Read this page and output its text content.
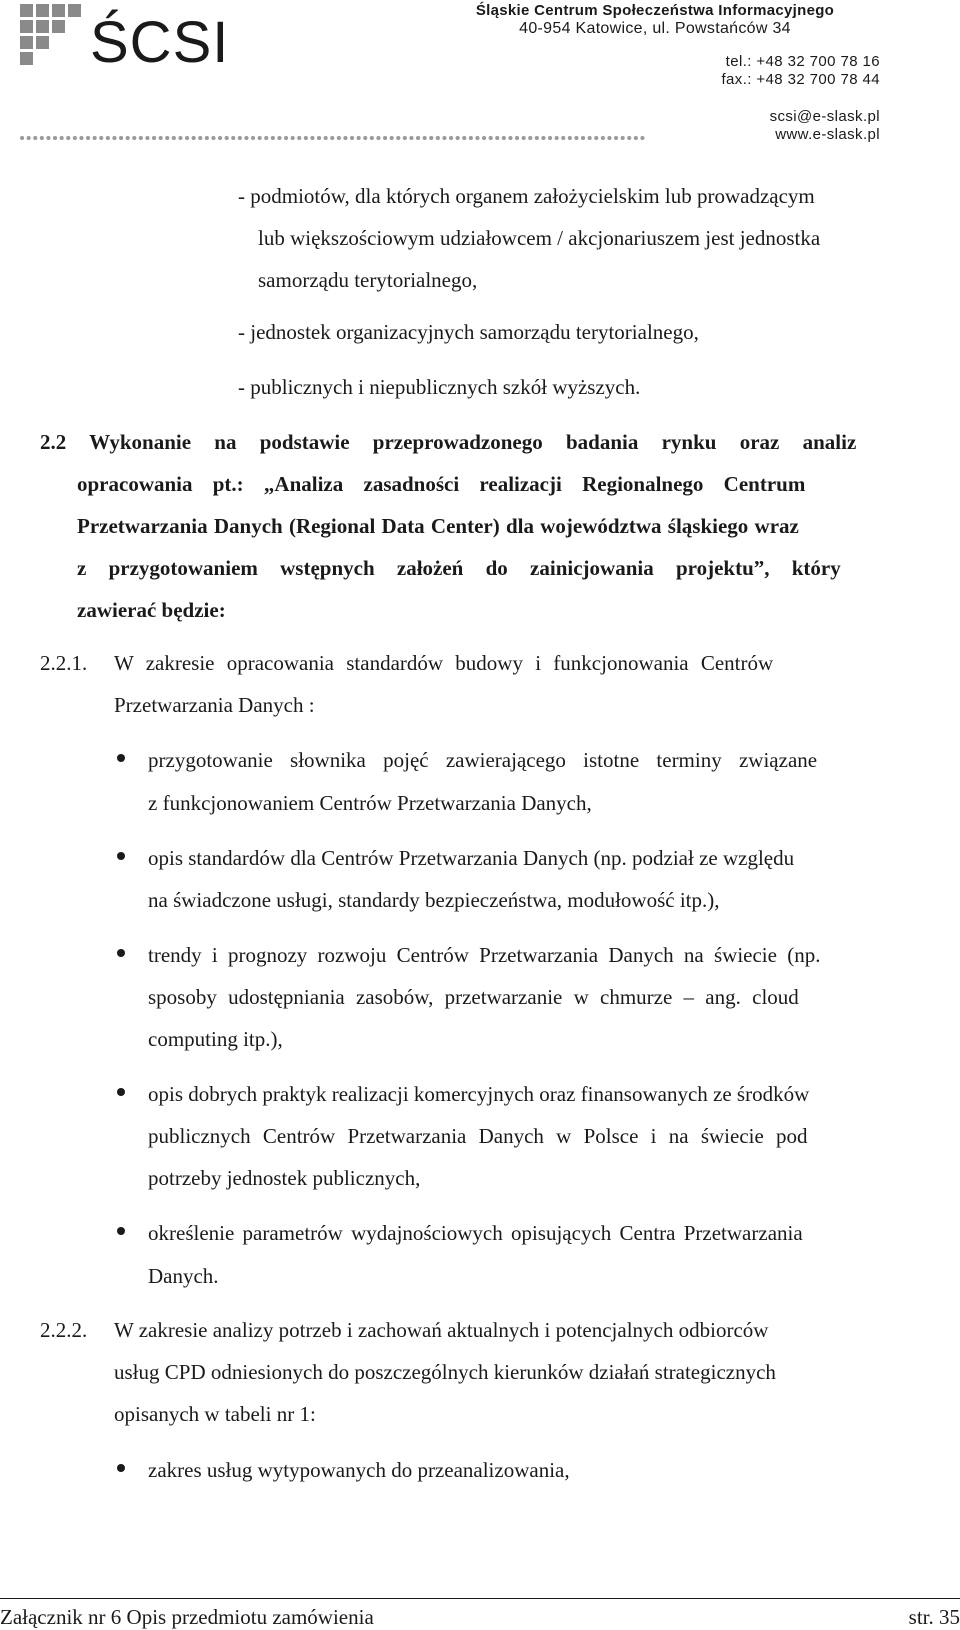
ŚCSI	Śląskie Centrum Społeczeństwa Informacyjnego
40-954 Katowice, ul. Powstańców 34
tel.: +48 32 700 78 16
fax.: +48 32 700 78 44
scsi@e-slask.pl
www.e-slask.pl
- podmiotów, dla których organem założycielskim lub prowadzącym
lub większościowym udziałowcem / akcjonariuszem jest jednostka
samorządu terytorialnego,
- jednostek organizacyjnych samorządu terytorialnego,
- publicznych i niepublicznych szkół wyższych.
2.2 Wykonanie na podstawie przeprowadzonego badania rynku oraz analiz
opracowania pt.: „Analiza zasadności realizacji Regionalnego Centrum
Przetwarzania Danych (Regional Data Center) dla województwa śląskiego wraz
z przygotowaniem wstępnych założeń do zainicjowania projektu”, który
zawierać będzie:
2.2.1. W zakresie opracowania standardów budowy i funkcjonowania Centrów
Przetwarzania Danych :
przygotowanie słownika pojęć zawierającego istotne terminy związane
z funkcjonowaniem Centrów Przetwarzania Danych,
opis standardów dla Centrów Przetwarzania Danych (np. podział ze względu
na świadczone usługi, standardy bezpieczeństwa, modułowość itp.),
trendy i prognozy rozwoju Centrów Przetwarzania Danych na świecie (np.
sposoby udostępniania zasobów, przetwarzanie w chmurze – ang. cloud
computing itp.),
opis dobrych praktyk realizacji komercyjnych oraz finansowanych ze środków
publicznych Centrów Przetwarzania Danych w Polsce i na świecie pod
potrzeby jednostek publicznych,
określenie parametrów wydajnościowych opisujących Centra Przetwarzania
Danych.
2.2.2. W zakresie analizy potrzeb i zachowań aktualnych i potencjalnych odbiorców
usług CPD odniesionych do poszczególnych kierunków działań strategicznych
opisanych w tabeli nr 1:
zakres usług wytypowanych do przeanalizowania,
Załącznik nr 6 Opis przedmiotu zamówienia	str. 35
